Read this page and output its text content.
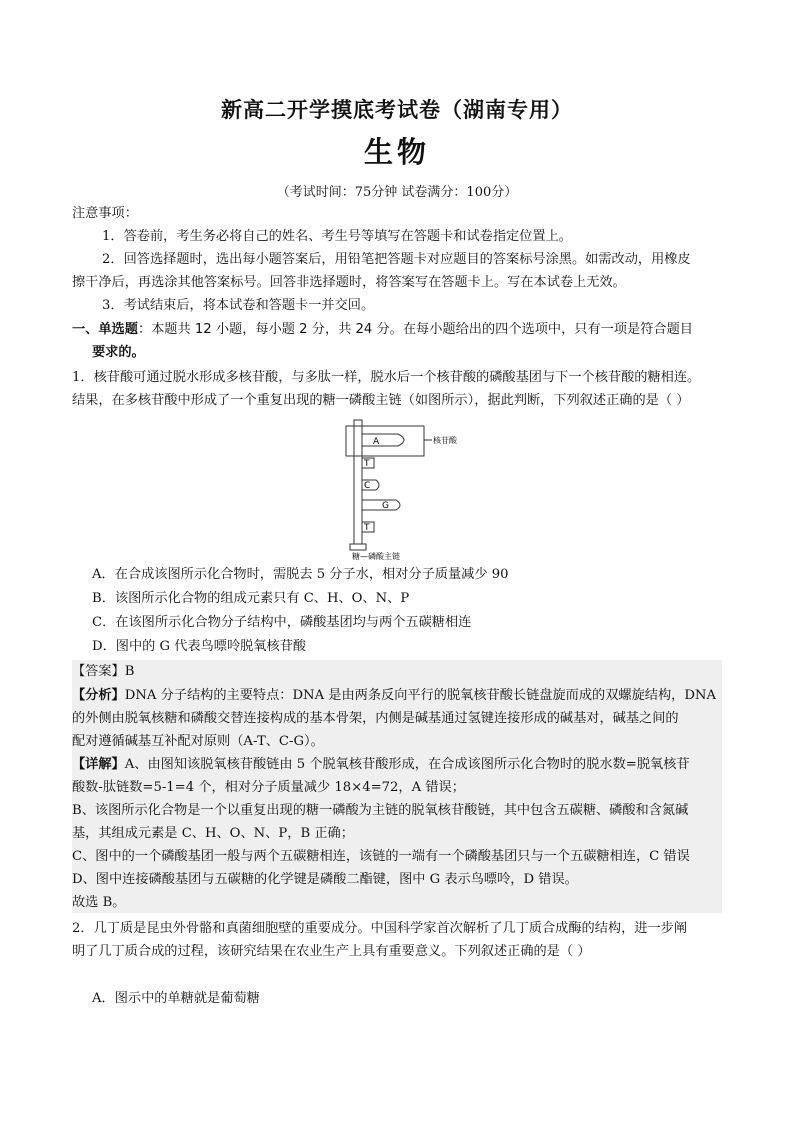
新高二开学摸底考试卷（湖南专用）
生物
（考试时间：75分钟 试卷满分：100分）
注意事项：
1．答卷前，考生务必将自己的姓名、考生号等填写在答题卡和试卷指定位置上。
2．回答选择题时，选出每小题答案后，用铅笔把答题卡对应题目的答案标号涂黑。如需改动，用橡皮
擦干净后，再选涂其他答案标号。回答非选择题时，将答案写在答题卡上。写在本试卷上无效。
3．考试结束后，将本试卷和答题卡一并交回。
一、单选题：本题共 12 小题，每小题 2 分，共 24 分。在每小题给出的四个选项中，只有一项是符合题目
要求的。
1．核苷酸可通过脱水形成多核苷酸，与多肽一样，脱水后一个核苷酸的磷酸基团与下一个核苷酸的糖相连。
结果，在多核苷酸中形成了一个重复出现的糖一磷酸主链（如图所示），据此判断，下列叙述正确的是（ ）
A
T
C
G
T
核苷酸
糖—磷酸主链
A．在合成该图所示化合物时，需脱去 5 分子水，相对分子质量减少 90
B．该图所示化合物的组成元素只有 C、H、O、N、P
C．在该图所示化合物分子结构中，磷酸基团均与两个五碳糖相连
D．图中的 G 代表鸟嘌呤脱氧核苷酸
【答案】B
【分析】DNA 分子结构的主要特点：DNA 是由两条反向平行的脱氧核苷酸长链盘旋而成的双螺旋结构，DNA
的外侧由脱氧核糖和磷酸交替连接构成的基本骨架，内侧是碱基通过氢键连接形成的碱基对，碱基之间的
配对遵循碱基互补配对原则（A-T、C-G）。
【详解】A、由图知该脱氧核苷酸链由 5 个脱氧核苷酸形成，在合成该图所示化合物时的脱水数=脱氧核苷
酸数-肽链数=5-1=4 个，相对分子质量减少 18×4=72，A 错误；
B、该图所示化合物是一个以重复出现的糖一磷酸为主链的脱氧核苷酸链，其中包含五碳糖、磷酸和含氮碱
基，其组成元素是 C、H、O、N、P，B 正确；
C、图中的一个磷酸基团一般与两个五碳糖相连，该链的一端有一个磷酸基团只与一个五碳糖相连，C 错误
D、图中连接磷酸基团与五碳糖的化学键是磷酸二酯键，图中 G 表示鸟嘌呤，D 错误。
故选 B。
2．几丁质是昆虫外骨骼和真菌细胞壁的重要成分。中国科学家首次解析了几丁质合成酶的结构，进一步阐
明了几丁质合成的过程，该研究结果在农业生产上具有重要意义。下列叙述正确的是（ ）
A．图示中的单糖就是葡萄糖
